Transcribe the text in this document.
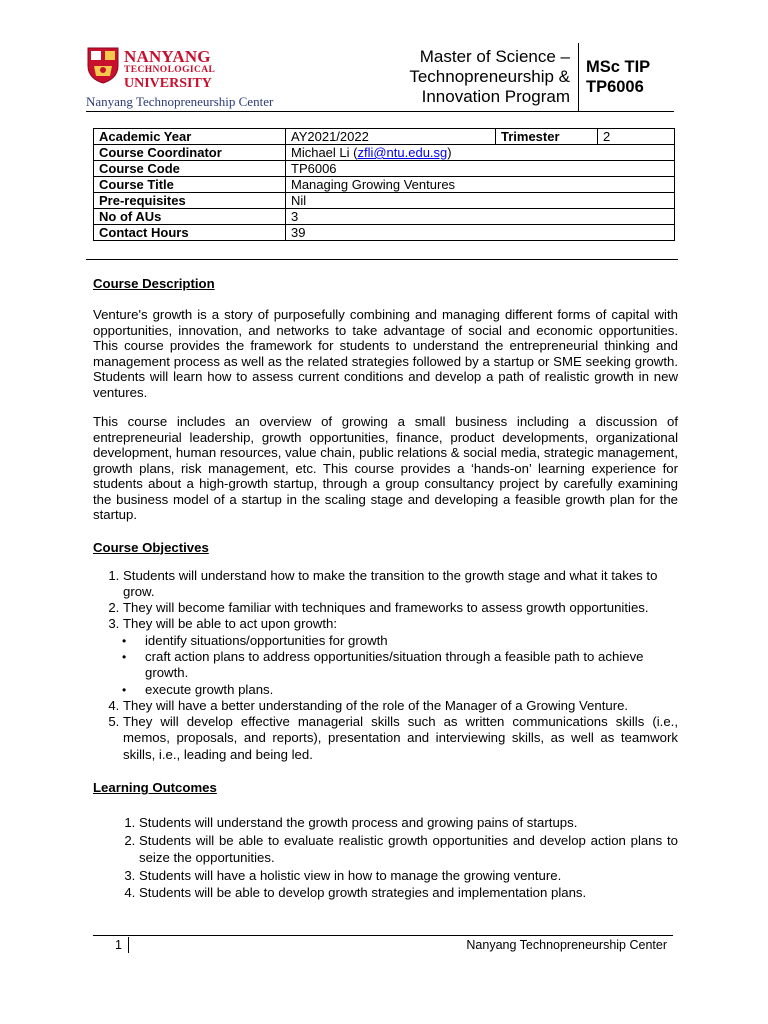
NANYANG
TECHNOLOGICAL
UNIVERSITY
Nanyang Technopreneurship Center
Master of Science –
Technopreneurship &
Innovation Program
MSc TIP
TP6006
Academic Year	AY2021/2022	Trimester	2
Course Coordinator	Michael Li (zfli@ntu.edu.sg)		
Course Code	TP6006		
Course Title	Managing Growing Ventures		
Pre-requisites	Nil		
No of AUs	3		
Contact Hours	39		
Course Description

Venture's growth is a story of purposefully combining and managing different forms of capital with opportunities, innovation, and networks to take advantage of social and economic opportunities. This course provides the framework for students to understand the entrepreneurial thinking and management process as well as the related strategies followed by a startup or SME seeking growth. Students will learn how to assess current conditions and develop a path of realistic growth in new ventures.

This course includes an overview of growing a small business including a discussion of entrepreneurial leadership, growth opportunities, finance, product developments, organizational development, human resources, value chain, public relations & social media, strategic management, growth plans, risk management, etc. This course provides a ‘hands-on’ learning experience for students about a high-growth startup, through a group consultancy project by carefully examining the business model of a startup in the scaling stage and developing a feasible growth plan for the startup.

Course Objectives
1. Students will understand how to make the transition to the growth stage and what it takes to grow.
2. They will become familiar with techniques and frameworks to assess growth opportunities.
3. They will be able to act upon growth:
• identify situations/opportunities for growth
• craft action plans to address opportunities/situation through a feasible path to achieve growth.
• execute growth plans.
4. They will have a better understanding of the role of the Manager of a Growing Venture.
5. They will develop effective managerial skills such as written communications skills (i.e., memos, proposals, and reports), presentation and interviewing skills, as well as teamwork skills, i.e., leading and being led.
Learning Outcomes
1. Students will understand the growth process and growing pains of startups.
2. Students will be able to evaluate realistic growth opportunities and develop action plans to seize the opportunities.
3. Students will have a holistic view in how to manage the growing venture.
4. Students will be able to develop growth strategies and implementation plans.
1	Nanyang Technopreneurship Center
